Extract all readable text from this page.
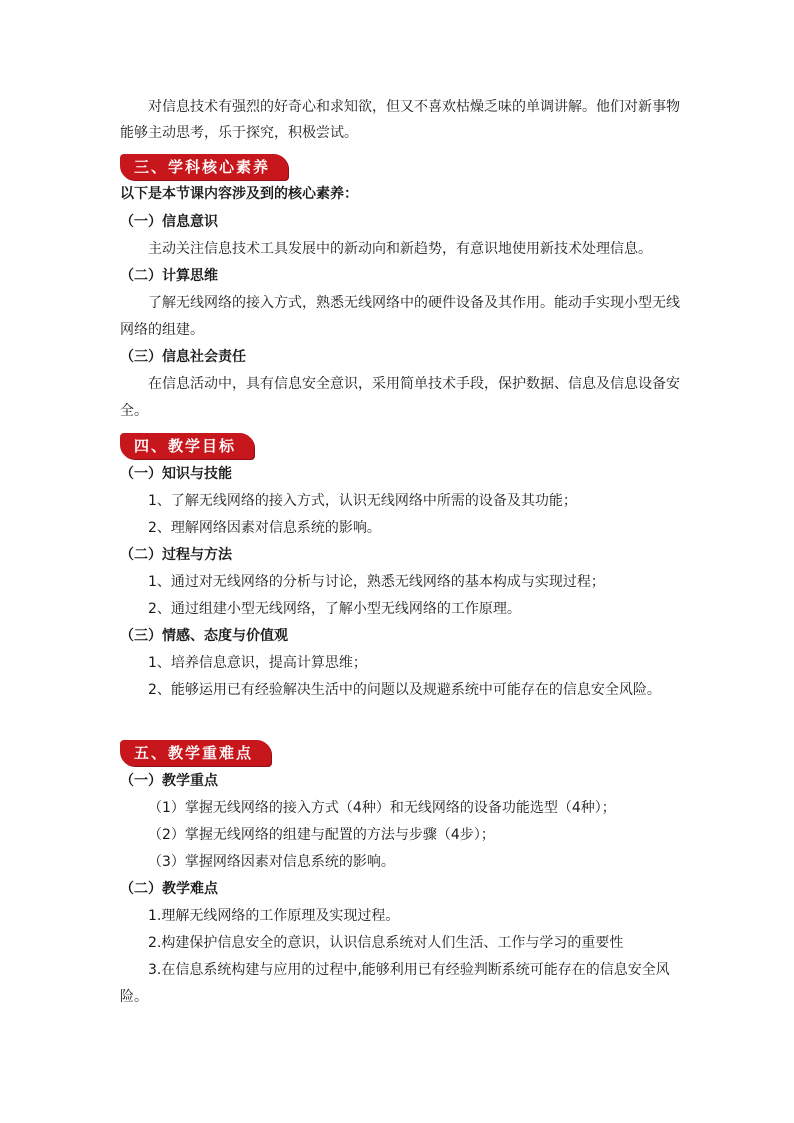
对信息技术有强烈的好奇心和求知欲，但又不喜欢枯燥乏味的单调讲解。他们对新事物
能够主动思考，乐于探究，积极尝试。
三、学科核心素养
以下是本节课内容涉及到的核心素养：
（一）信息意识
主动关注信息技术工具发展中的新动向和新趋势，有意识地使用新技术处理信息。
（二）计算思维
了解无线网络的接入方式，熟悉无线网络中的硬件设备及其作用。能动手实现小型无线
网络的组建。
（三）信息社会责任
在信息活动中，具有信息安全意识，采用简单技术手段，保护数据、信息及信息设备安
全。
四、教学目标
（一）知识与技能
1、了解无线网络的接入方式，认识无线网络中所需的设备及其功能；
2、理解网络因素对信息系统的影响。
（二）过程与方法
1、通过对无线网络的分析与讨论，熟悉无线网络的基本构成与实现过程；
2、通过组建小型无线网络，了解小型无线网络的工作原理。
（三）情感、态度与价值观
1、培养信息意识，提高计算思维；
2、能够运用已有经验解决生活中的问题以及规避系统中可能存在的信息安全风险。
五、教学重难点
（一）教学重点
（1）掌握无线网络的接入方式（4种）和无线网络的设备功能选型（4种）；
（2）掌握无线网络的组建与配置的方法与步骤（4步）；
（3）掌握网络因素对信息系统的影响。
（二）教学难点
1.理解无线网络的工作原理及实现过程。
2.构建保护信息安全的意识，认识信息系统对人们生活、工作与学习的重要性
3.在信息系统构建与应用的过程中,能够利用已有经验判断系统可能存在的信息安全风
险。
